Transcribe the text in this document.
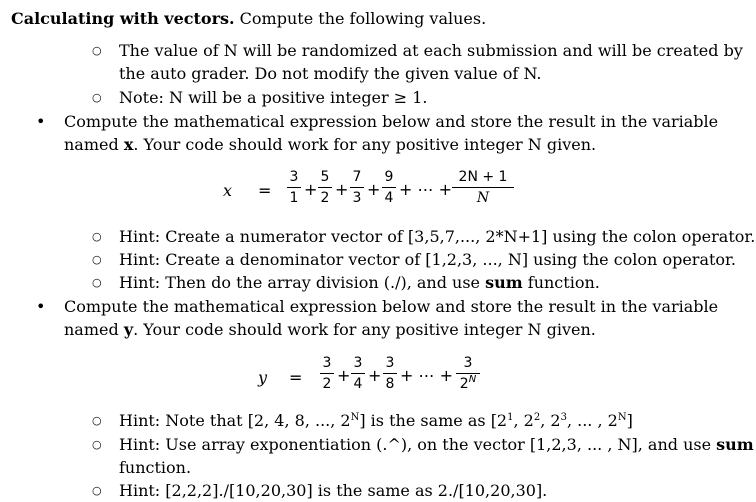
Calculating with vectors. Compute the following values.
○ The value of N will be randomized at each submission and will be created by
the auto grader. Do not modify the given value of N.
○ Note: N will be a positive integer ≥ 1.
• Compute the mathematical expression below and store the result in the variable
named x. Your code should work for any positive integer N given.
x =
3
1 +
5
2 +
7
3 +
9
4 + ⋯ +
2N + 1
N
○ Hint: Create a numerator vector of [3,5,7,..., 2*N+1] using the colon operator.
○ Hint: Create a denominator vector of [1,2,3, ..., N] using the colon operator.
○ Hint: Then do the array division (./), and use sum function.
• Compute the mathematical expression below and store the result in the variable
named y. Your code should work for any positive integer N given.
y =
3
2 +
3
4 +
3
8 + ⋯ +
3
$2^N$
○ Hint: Note that [2, 4, 8, ..., $2^N$] is the same as [$2^1$, $2^2$, $2^3$, ... , $2^N$]
○ Hint: Use array exponentiation (.^), on the vector [1,2,3, ... , N], and use sum
function.
○ Hint: [2,2,2]./[10,20,30] is the same as 2./[10,20,30].
